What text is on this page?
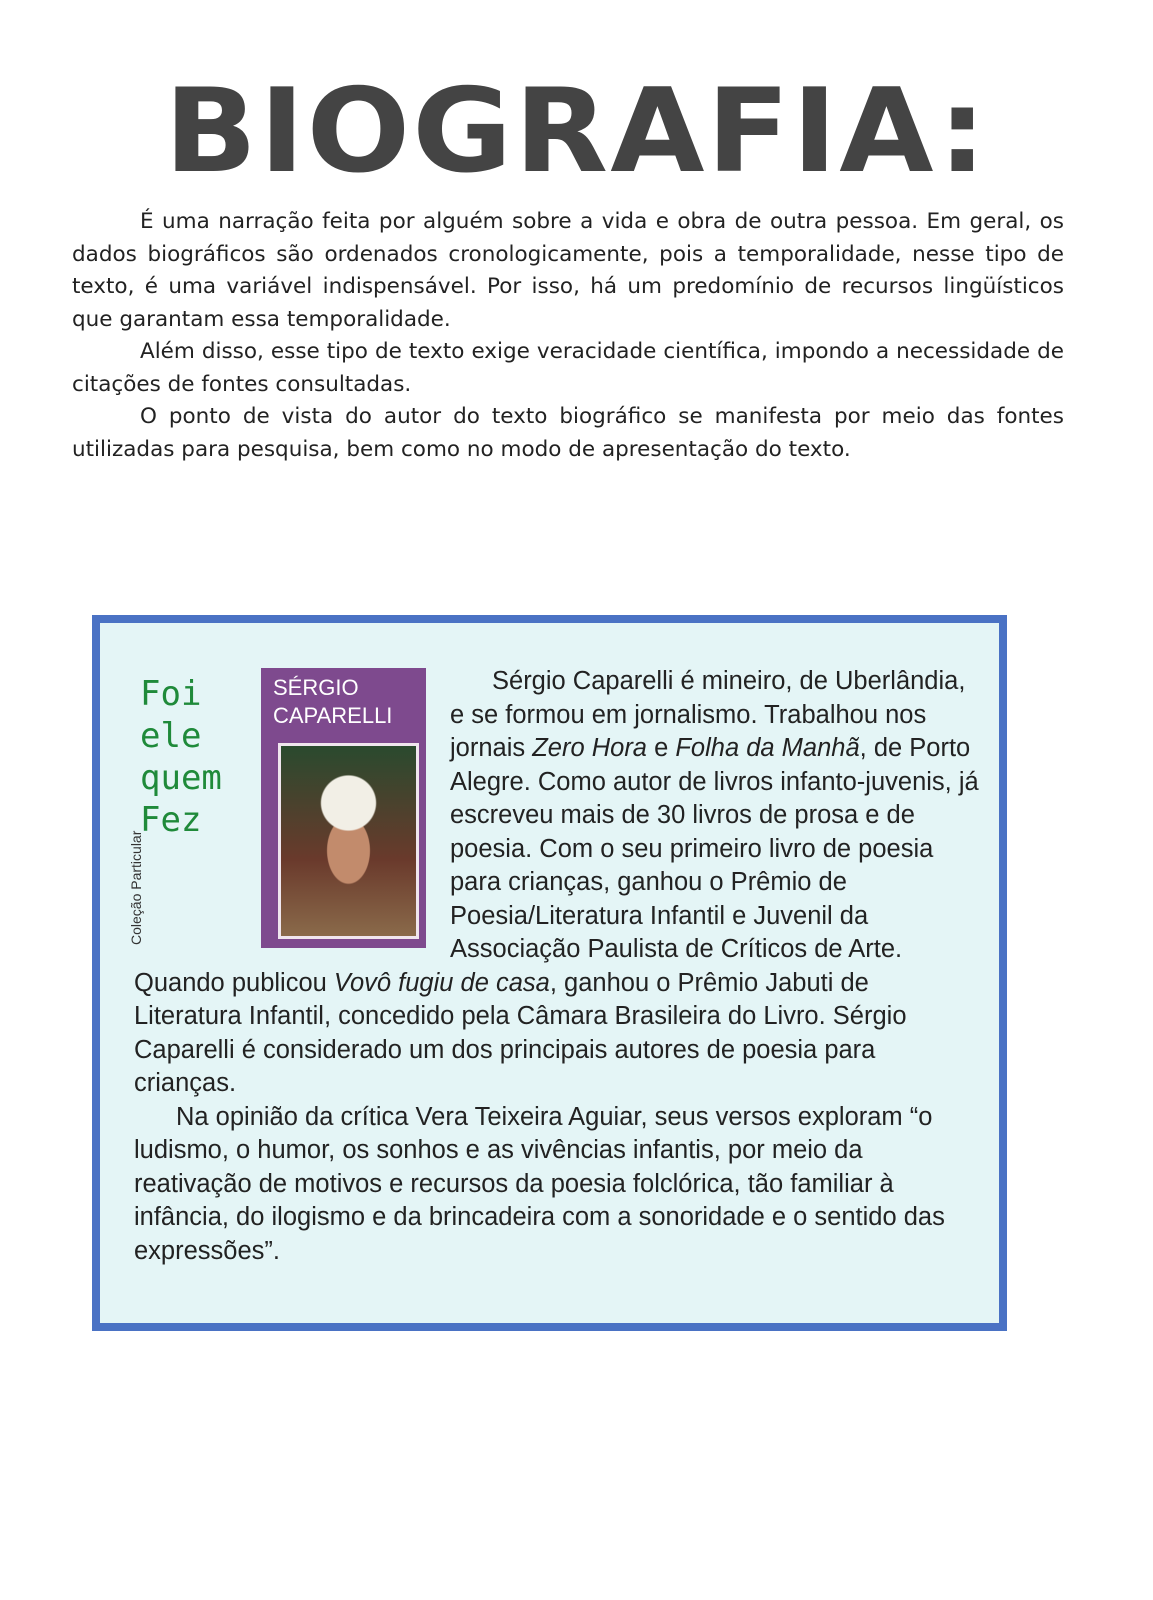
BIOGRAFIA:

É uma narração feita por alguém sobre a vida e obra de outra pessoa. Em geral, os dados biográficos são ordenados cronologicamente, pois a temporalidade, nesse tipo de texto, é uma variável indispensável. Por isso, há um predomínio de recursos lingüísticos que garantam essa temporalidade.

Além disso, esse tipo de texto exige veracidade científica, impondo a necessidade de citações de fontes consultadas.

O ponto de vista do autor do texto biográfico se manifesta por meio das fontes utilizadas para pesquisa, bem como no modo de apresentação do texto.

Foi
ele
quem
Fez
Coleção Particular
SÉRGIO
CAPARELLI

Sérgio Caparelli é mineiro, de Uberlândia, e se formou em jornalismo. Trabalhou nos jornais Zero Hora e Folha da Manhã, de Porto Alegre. Como autor de livros infanto-juvenis, já escreveu mais de 30 livros de prosa e de poesia. Com o seu primeiro livro de poesia para crianças, ganhou o Prêmio de Poesia/Literatura Infantil e Juvenil da Associação Paulista de Críticos de Arte. Quando publicou Vovô fugiu de casa, ganhou o Prêmio Jabuti de Literatura Infantil, concedido pela Câmara Brasileira do Livro. Sérgio Caparelli é considerado um dos principais autores de poesia para crianças.

Na opinião da crítica Vera Teixeira Aguiar, seus versos exploram “o ludismo, o humor, os sonhos e as vivências infantis, por meio da reativação de motivos e recursos da poesia folclórica, tão familiar à infância, do ilogismo e da brincadeira com a sonoridade e o sentido das expressões”.
